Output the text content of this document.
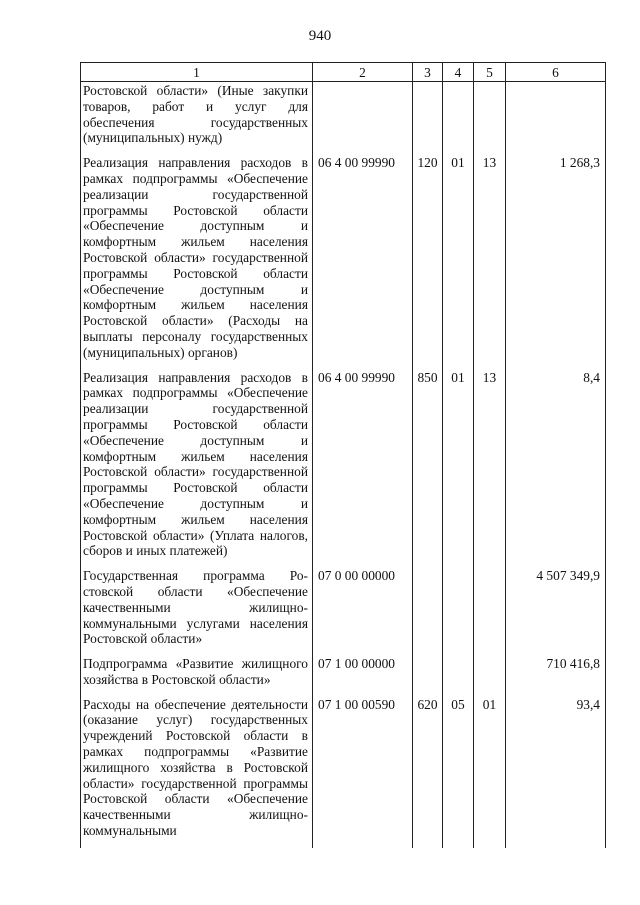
940
1	2	3	4	5	6
Ростовской области» (Иные закупки товаров, работ и услуг для обеспечения государственных (муниципальных) нужд)					
Реализация направления расходов в рамках подпрограммы «Обеспечение реализации государственной программы Ростовской области «Обеспечение доступным и комфортным жильем населения Ростовской области» государственной программы Ростовской области «Обеспечение доступным и комфортным жильем населения Ростовской области» (Расходы на выплаты персоналу государственных (муниципальных) органов)	06 4 00 99990	120	01	13	1 268,3
Реализация направления расходов в рамках подпрограммы «Обеспечение реализации государственной программы Ростовской области «Обеспечение доступным и комфортным жильем населения Ростовской области» государственной программы Ростовской области «Обеспечение доступным и комфортным жильем населения Ростовской области» (Уплата налогов, сборов и иных платежей)	06 4 00 99990	850	01	13	8,4
Государственная программа Ростовской области «Обеспечение качественными жилищно-коммунальными услугами населения Ростовской области»	07 0 00 00000				4 507 349,9
Подпрограмма «Развитие жилищного хозяйства в Ростовской области»	07 1 00 00000				710 416,8
Расходы на обеспечение деятельности (оказание услуг) государственных учреждений Ростовской области в рамках подпрограммы «Развитие жилищного хозяйства в Ростовской области» государственной программы Ростовской области «Обеспечение качественными жилищно-коммунальными	07 1 00 00590	620	05	01	93,4
